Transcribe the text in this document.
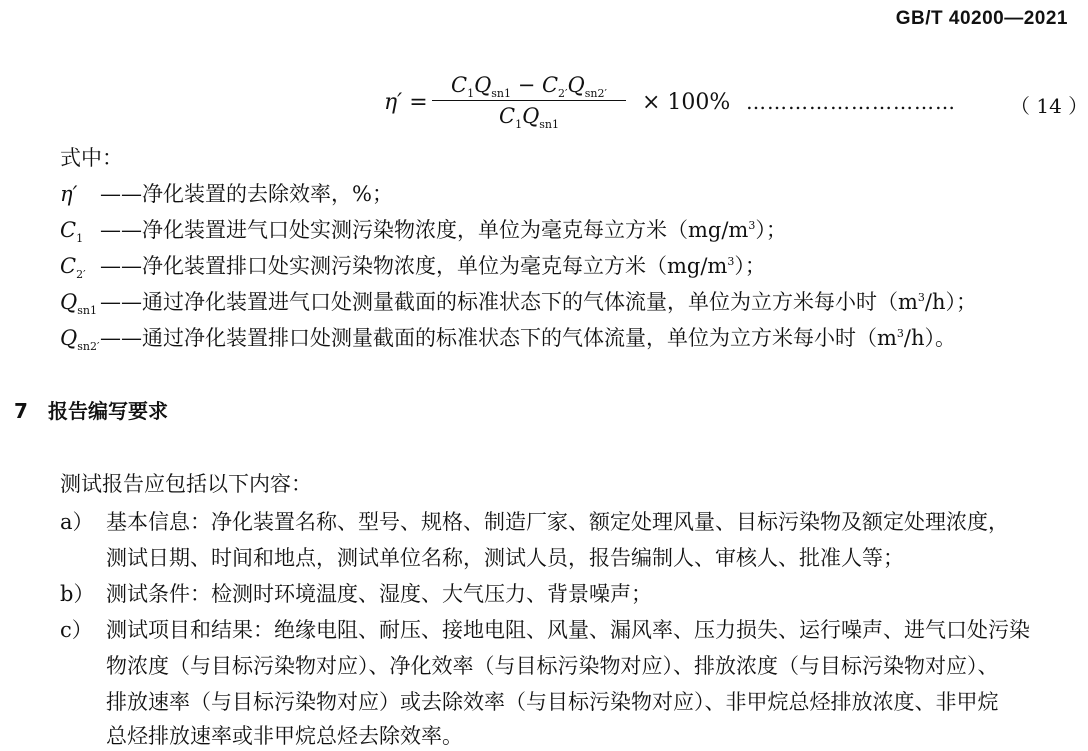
GB/T 40200—2021
η′ =
$C_1Q_{sn1} - C_{2'}Q_{sn2'}$
$C_1Q_{sn1}$
× 100% …………………………	（ 14 ）
式中：
η′ ——净化装置的去除效率，%；
$C_1$ ——净化装置进气口处实测污染物浓度，单位为毫克每立方米$(mg/m^3)$；
$C_{2'}$ ——净化装置排口处实测污染物浓度，单位为毫克每立方米$(mg/m^3)$；
$Q_{sn1}$ ——通过净化装置进气口处测量截面的标准状态下的气体流量，单位为立方米每小时$(m^3/h)$；
$Q_{sn2'}——$通过净化装置排口处测量截面的标准状态下的气体流量，单位为立方米每小时$(m^3/h)$。
7 报告编写要求
测试报告应包括以下内容：
a） 基本信息：净化装置名称、型号、规格、制造厂家、额定处理风量、目标污染物及额定处理浓度，
测试日期、时间和地点，测试单位名称，测试人员，报告编制人、审核人、批准人等；
b） 测试条件：检测时环境温度、湿度、大气压力、背景噪声；
c） 测试项目和结果：绝缘电阻、耐压、接地电阻、风量、漏风率、压力损失、运行噪声、进气口处污染
物浓度（与目标污染物对应）、净化效率（与目标污染物对应）、排放浓度（与目标污染物对应）、
排放速率（与目标污染物对应）或去除效率（与目标污染物对应）、非甲烷总烃排放浓度、非甲烷
总烃排放速率或非甲烷总烃去除效率。
